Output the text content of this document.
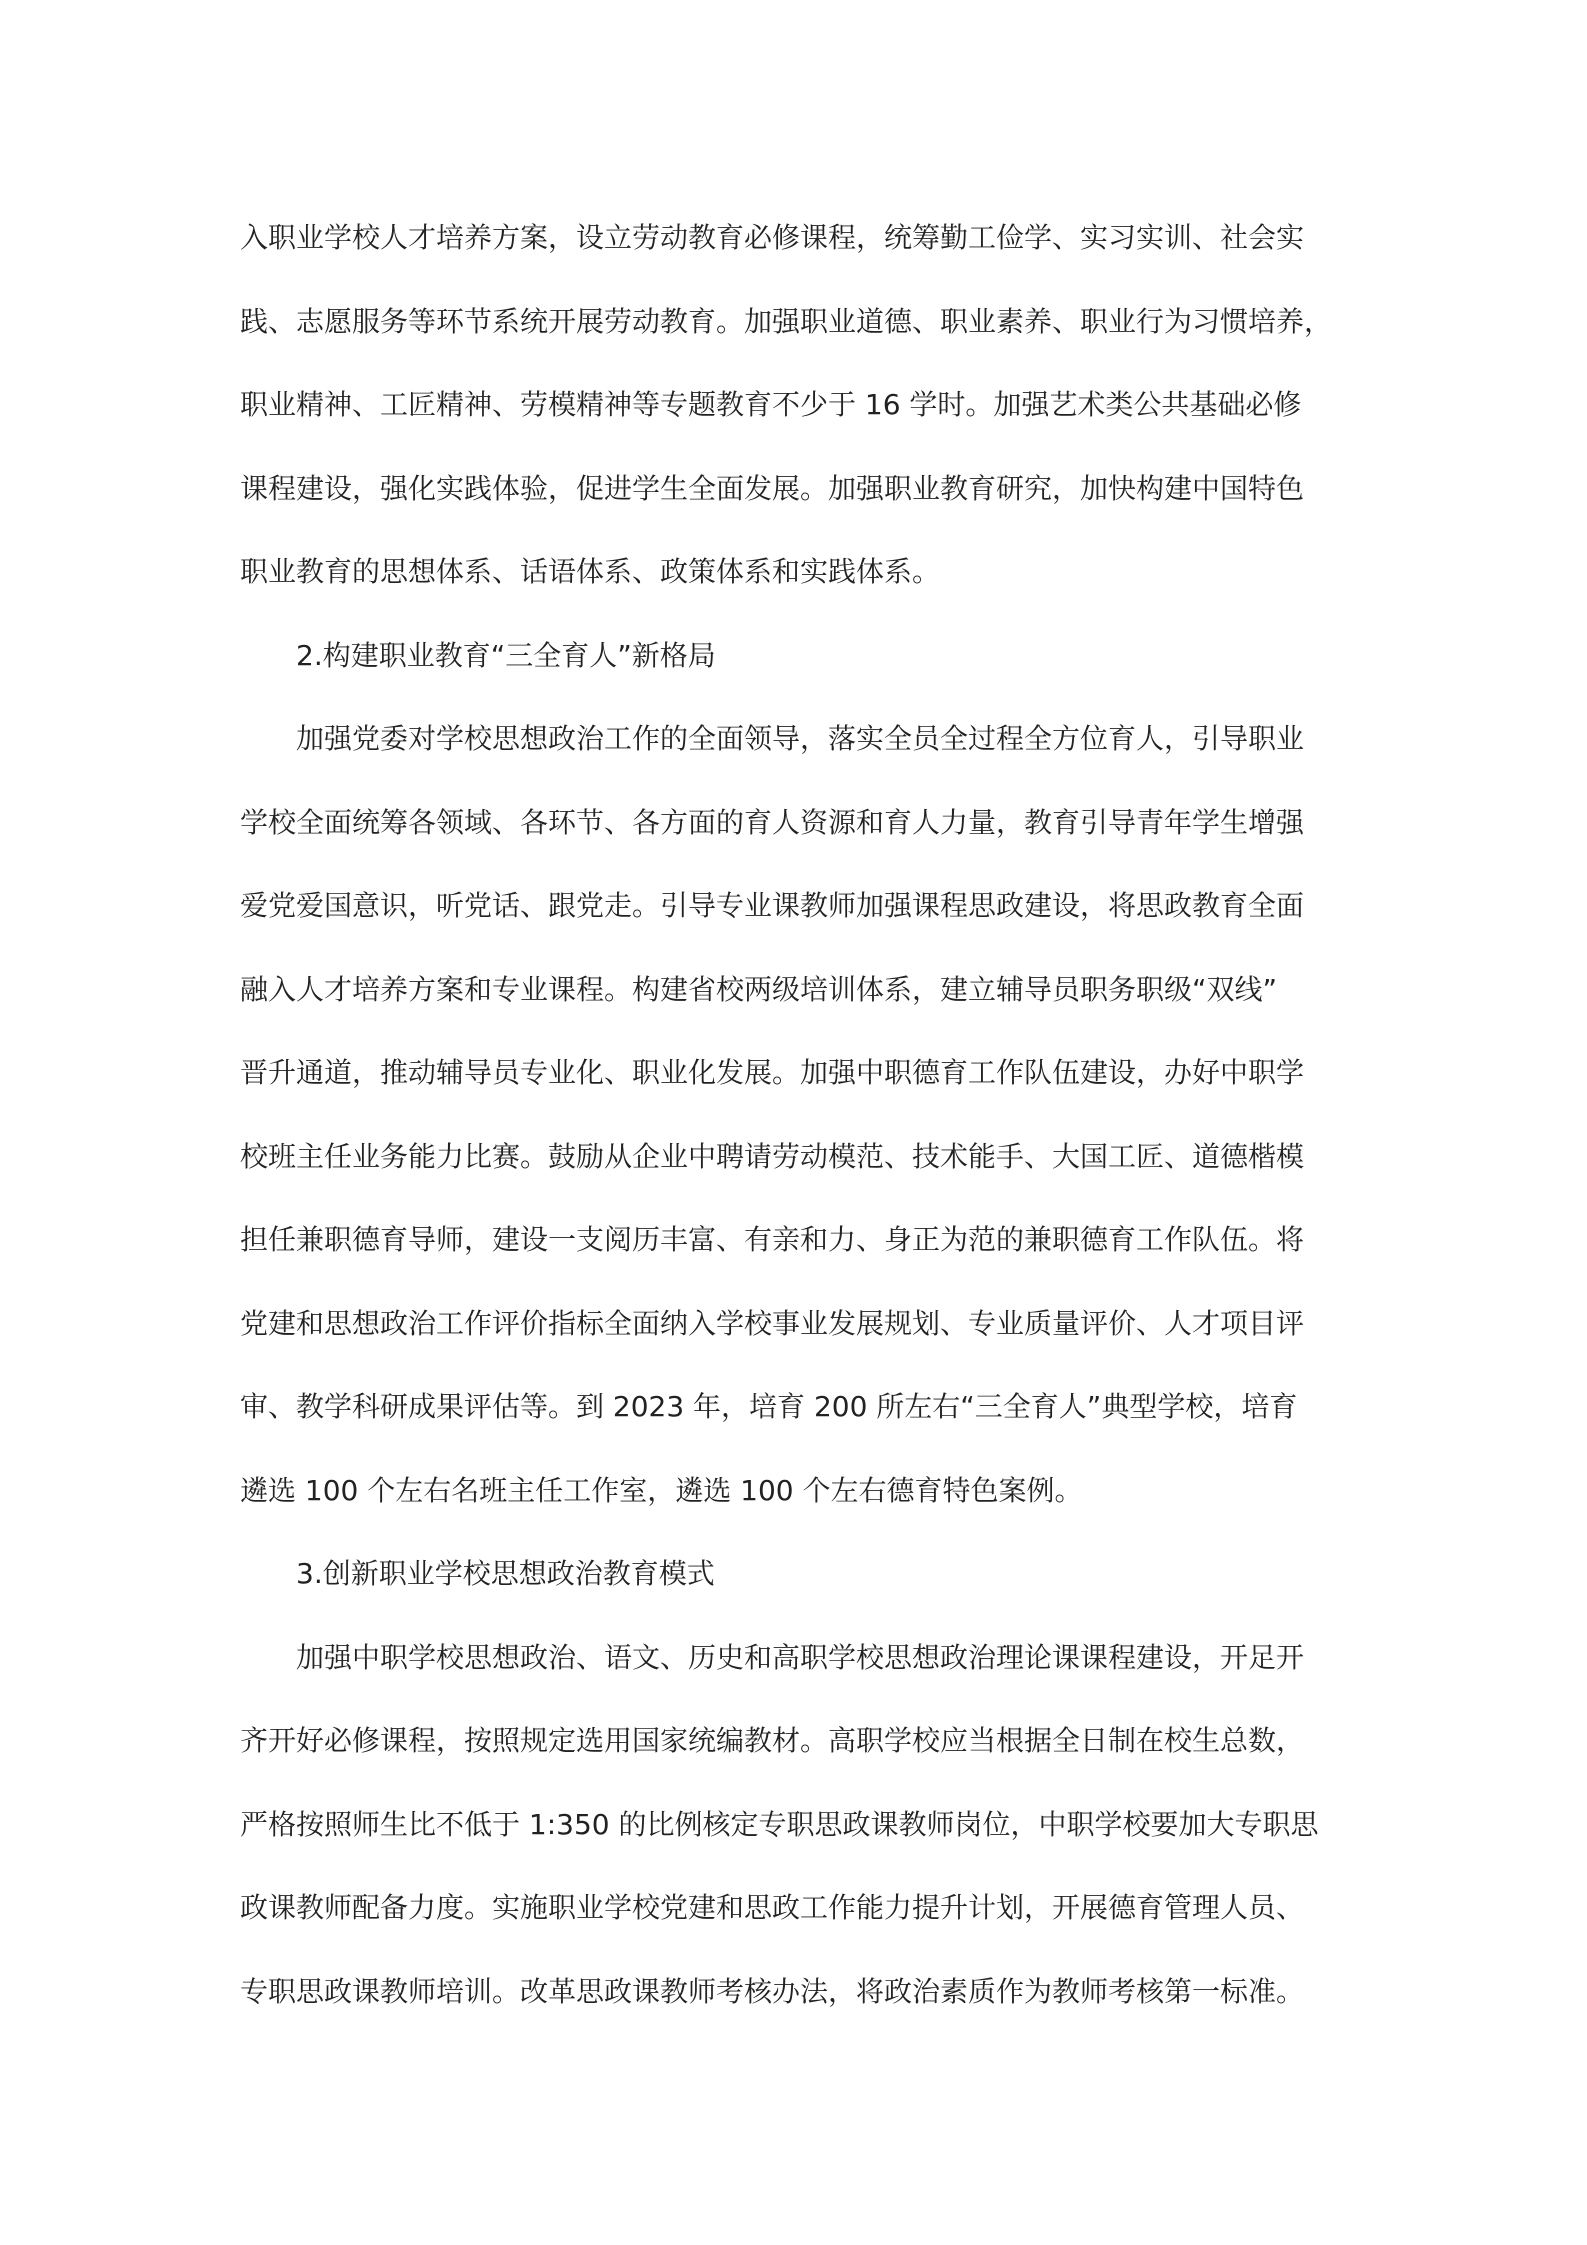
入职业学校人才培养方案，设立劳动教育必修课程，统筹勤工俭学、实习实训、社会实
践、志愿服务等环节系统开展劳动教育。加强职业道德、职业素养、职业行为习惯培养，
职业精神、工匠精神、劳模精神等专题教育不少于 16 学时。加强艺术类公共基础必修
课程建设，强化实践体验，促进学生全面发展。加强职业教育研究，加快构建中国特色
职业教育的思想体系、话语体系、政策体系和实践体系。
2.构建职业教育“三全育人”新格局
加强党委对学校思想政治工作的全面领导，落实全员全过程全方位育人，引导职业
学校全面统筹各领域、各环节、各方面的育人资源和育人力量，教育引导青年学生增强
爱党爱国意识，听党话、跟党走。引导专业课教师加强课程思政建设，将思政教育全面
融入人才培养方案和专业课程。构建省校两级培训体系，建立辅导员职务职级“双线”
晋升通道，推动辅导员专业化、职业化发展。加强中职德育工作队伍建设，办好中职学
校班主任业务能力比赛。鼓励从企业中聘请劳动模范、技术能手、大国工匠、道德楷模
担任兼职德育导师，建设一支阅历丰富、有亲和力、身正为范的兼职德育工作队伍。将
党建和思想政治工作评价指标全面纳入学校事业发展规划、专业质量评价、人才项目评
审、教学科研成果评估等。到 2023 年，培育 200 所左右“三全育人”典型学校，培育
遴选 100 个左右名班主任工作室，遴选 100 个左右德育特色案例。
3.创新职业学校思想政治教育模式
加强中职学校思想政治、语文、历史和高职学校思想政治理论课课程建设，开足开
齐开好必修课程，按照规定选用国家统编教材。高职学校应当根据全日制在校生总数，
严格按照师生比不低于 1:350 的比例核定专职思政课教师岗位，中职学校要加大专职思
政课教师配备力度。实施职业学校党建和思政工作能力提升计划，开展德育管理人员、
专职思政课教师培训。改革思政课教师考核办法，将政治素质作为教师考核第一标准。
